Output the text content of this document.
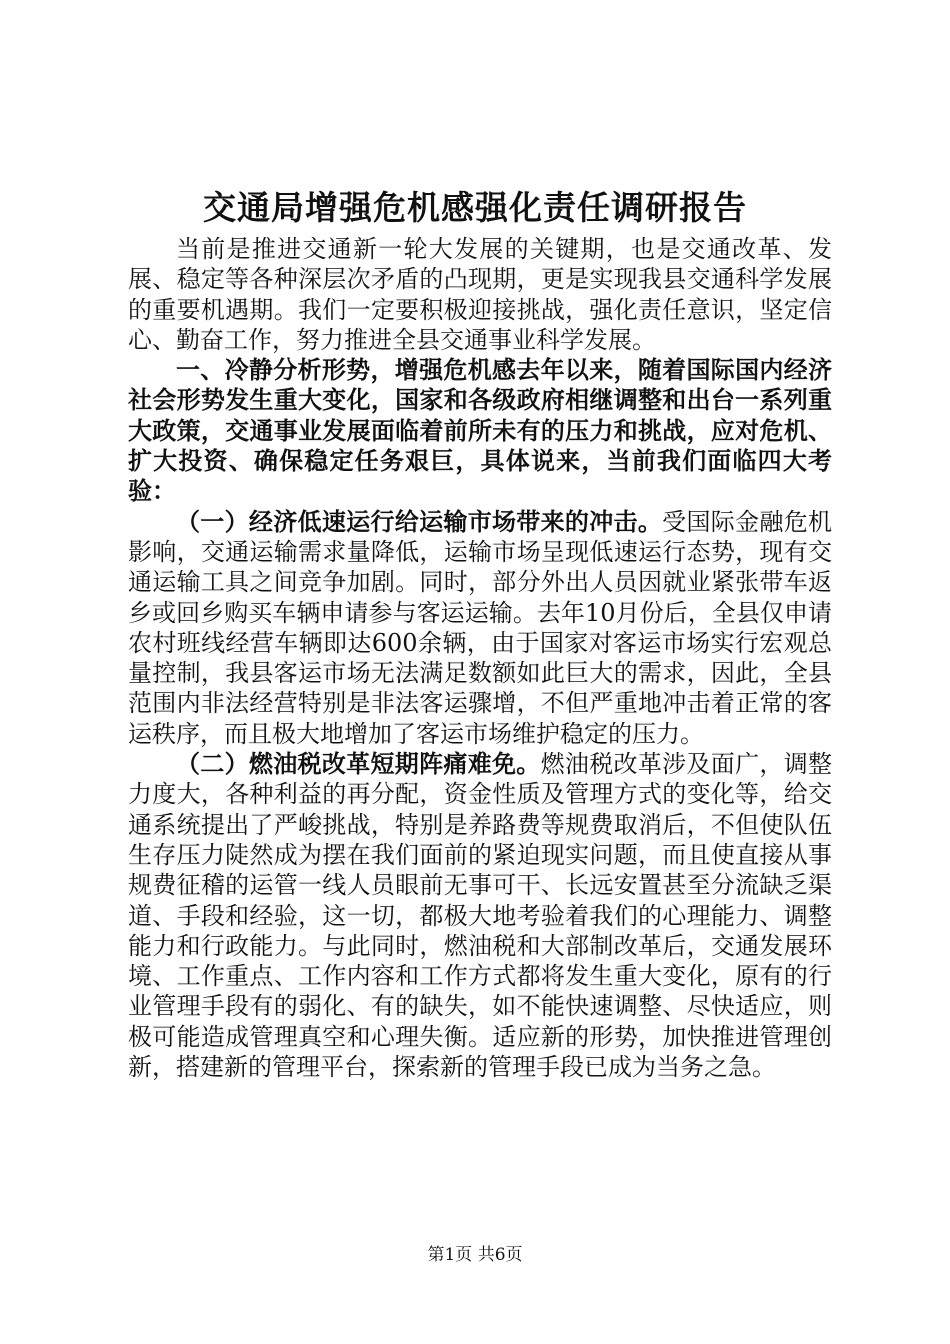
交通局增强危机感强化责任调研报告

当前是推进交通新一轮大发展的关键期，也是交通改革、发展、稳定等各种深层次矛盾的凸现期，更是实现我县交通科学发展的重要机遇期。我们一定要积极迎接挑战，强化责任意识，坚定信心、勤奋工作，努力推进全县交通事业科学发展。

一、冷静分析形势，增强危机感去年以来，随着国际国内经济社会形势发生重大变化，国家和各级政府相继调整和出台一系列重大政策，交通事业发展面临着前所未有的压力和挑战，应对危机、扩大投资、确保稳定任务艰巨，具体说来，当前我们面临四大考验：

（一）经济低速运行给运输市场带来的冲击。受国际金融危机影响，交通运输需求量降低，运输市场呈现低速运行态势，现有交通运输工具之间竞争加剧。同时，部分外出人员因就业紧张带车返乡或回乡购买车辆申请参与客运运输。去年10月份后，全县仅申请农村班线经营车辆即达600余辆，由于国家对客运市场实行宏观总量控制，我县客运市场无法满足数额如此巨大的需求，因此，全县范围内非法经营特别是非法客运骤增，不但严重地冲击着正常的客运秩序，而且极大地增加了客运市场维护稳定的压力。

（二）燃油税改革短期阵痛难免。燃油税改革涉及面广，调整力度大，各种利益的再分配，资金性质及管理方式的变化等，给交通系统提出了严峻挑战，特别是养路费等规费取消后，不但使队伍生存压力陡然成为摆在我们面前的紧迫现实问题，而且使直接从事规费征稽的运管一线人员眼前无事可干、长远安置甚至分流缺乏渠道、手段和经验，这一切，都极大地考验着我们的心理能力、调整能力和行政能力。与此同时，燃油税和大部制改革后，交通发展环境、工作重点、工作内容和工作方式都将发生重大变化，原有的行业管理手段有的弱化、有的缺失，如不能快速调整、尽快适应，则极可能造成管理真空和心理失衡。适应新的形势，加快推进管理创新，搭建新的管理平台，探索新的管理手段已成为当务之急。

第1页 共6页
